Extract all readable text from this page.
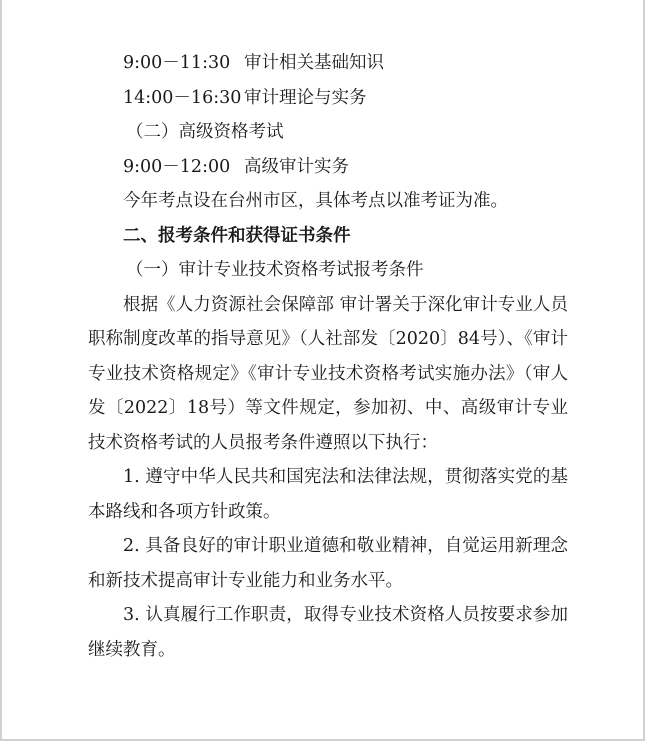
9:00－11:30 审计相关基础知识

14:00－16:30 审计理论与实务

（二）高级资格考试

9:00－12:00 高级审计实务

今年考点设在台州市区，具体考点以准考证为准。

二、报考条件和获得证书条件

（一）审计专业技术资格考试报考条件

根据《人力资源社会保障部 审计署关于深化审计专业人员职称制度改革的指导意见》（人社部发〔2020〕84号）、《审计专业技术资格规定》《审计专业技术资格考试实施办法》（审人发〔2022〕18号）等文件规定，参加初、中、高级审计专业技术资格考试的人员报考条件遵照以下执行：

1. 遵守中华人民共和国宪法和法律法规，贯彻落实党的基本路线和各项方针政策。

2. 具备良好的审计职业道德和敬业精神，自觉运用新理念和新技术提高审计专业能力和业务水平。

3. 认真履行工作职责，取得专业技术资格人员按要求参加继续教育。
